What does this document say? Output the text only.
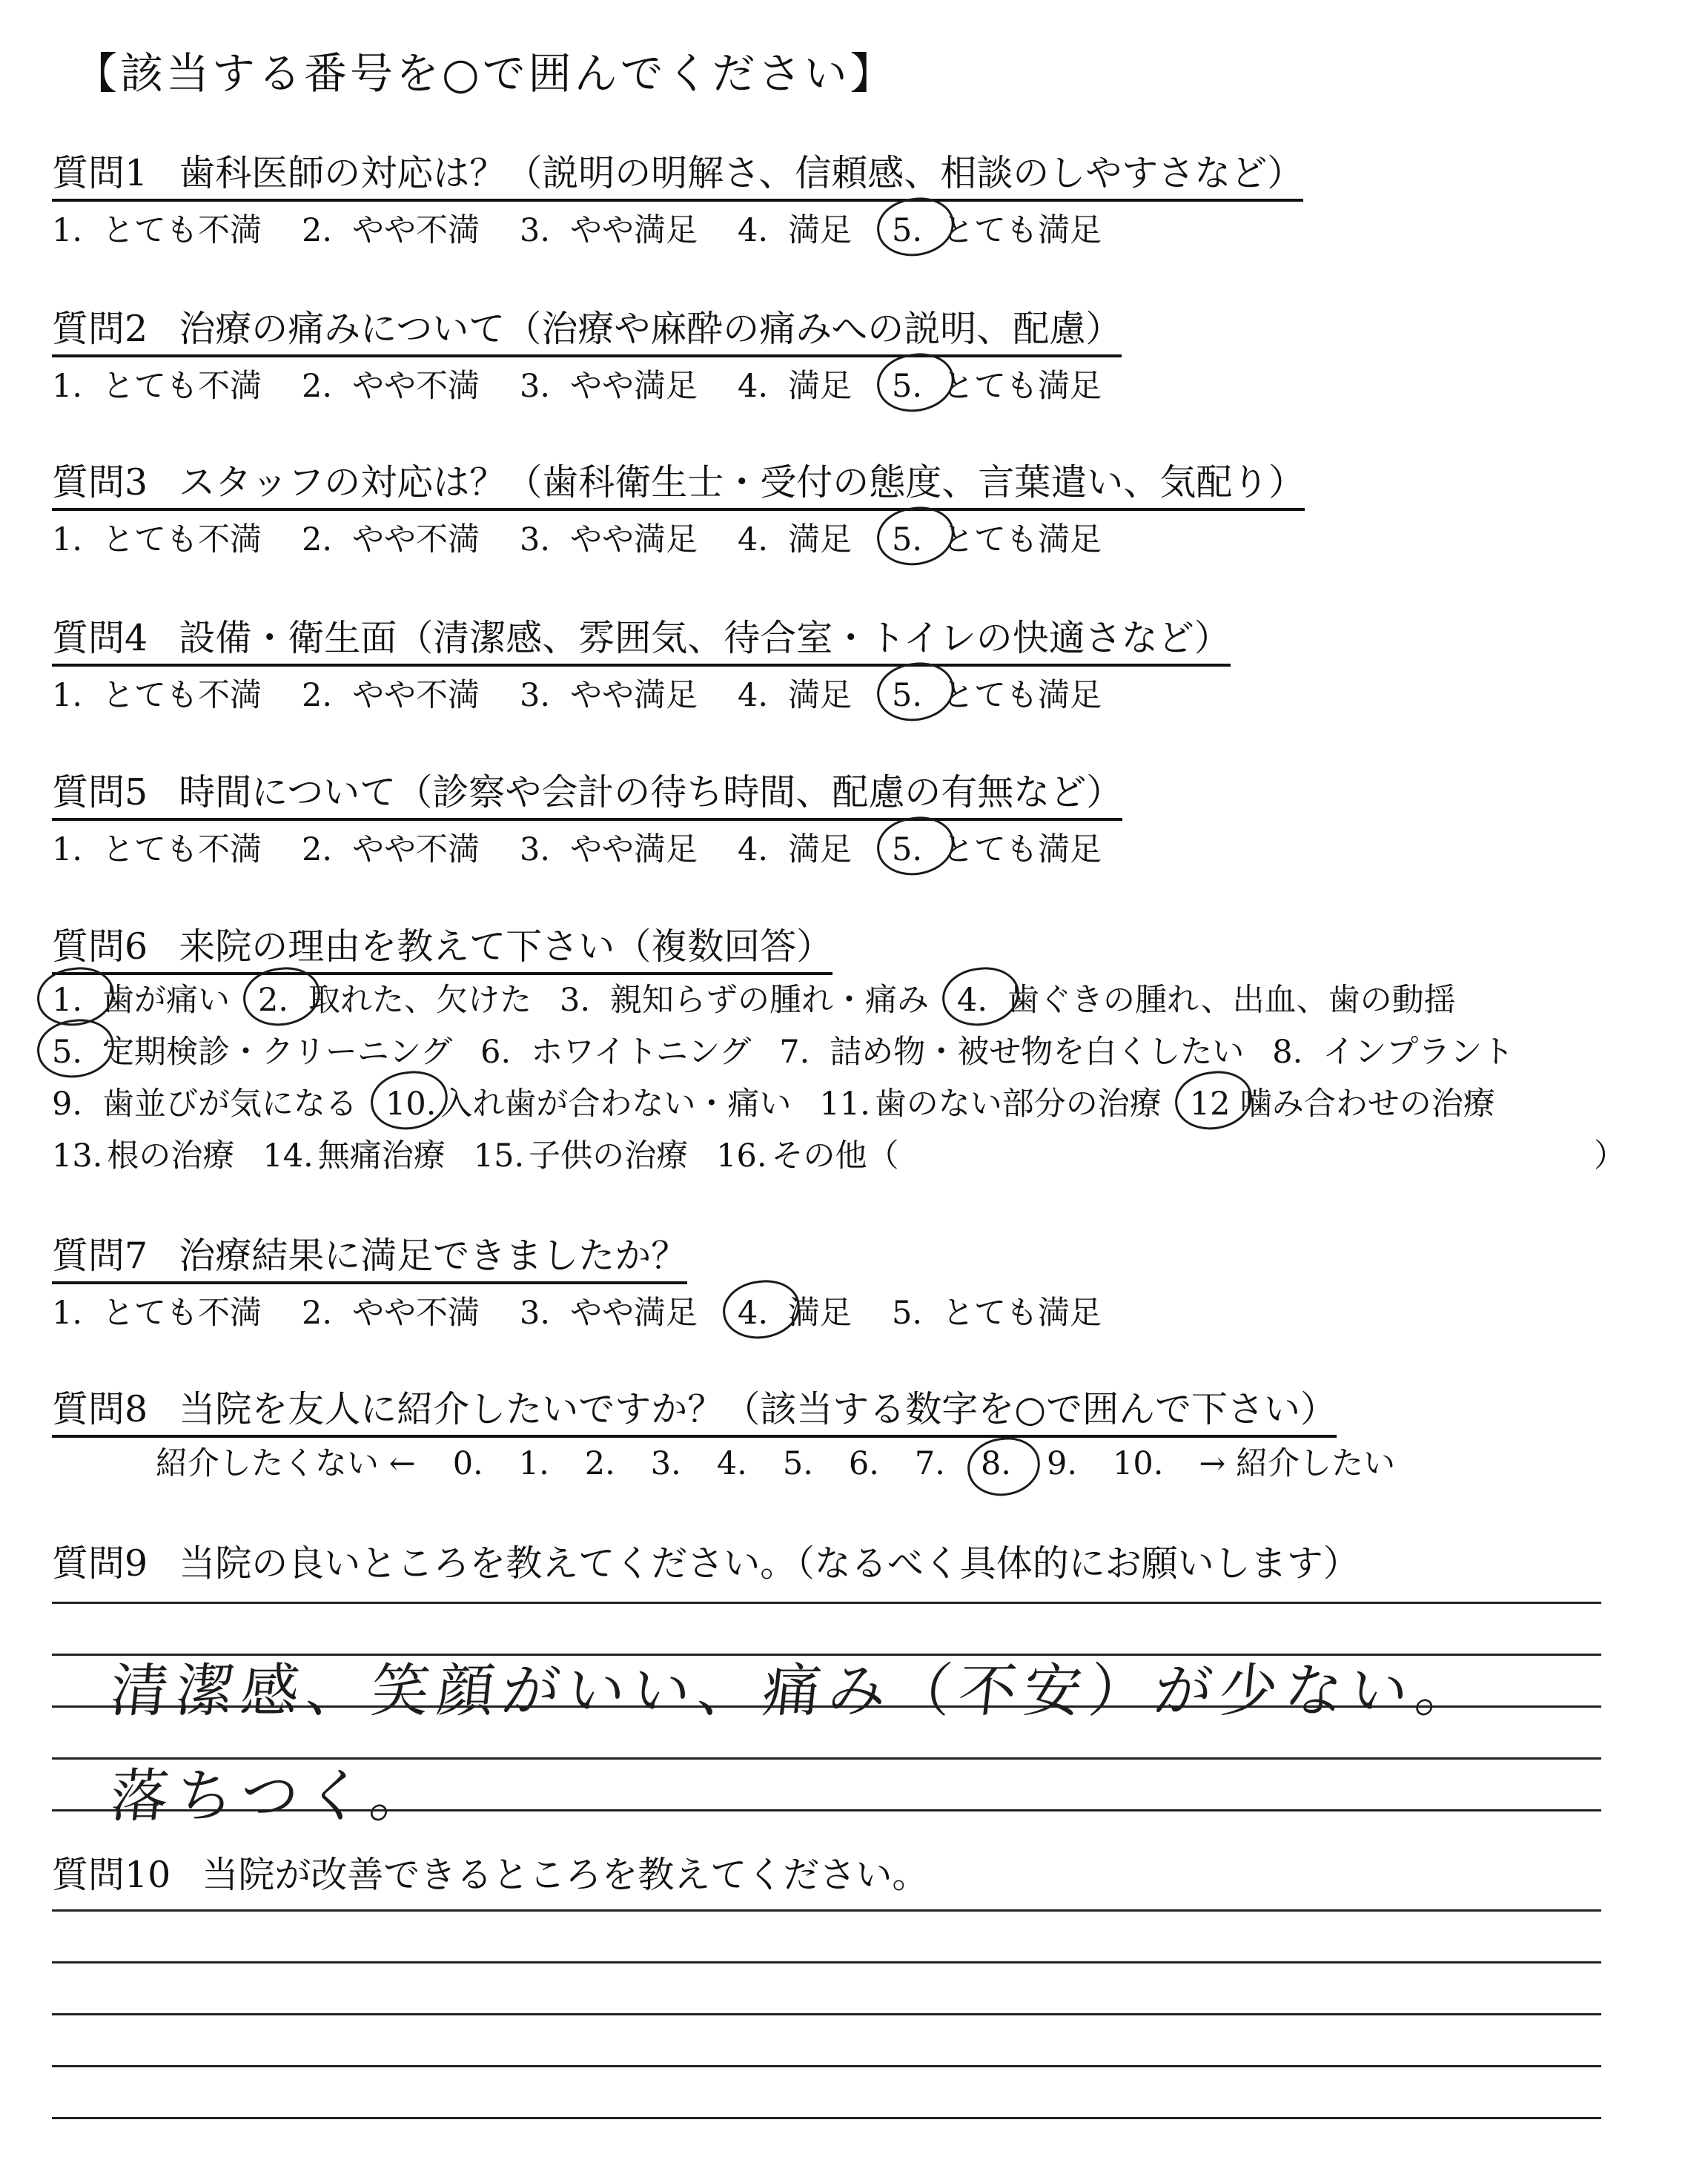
【該当する番号を○で囲んでください】
質問1 歯科医師の対応は？（説明の明解さ、信頼感、相談のしやすさなど）
1. とても不満 2. やや不満 3. やや満足 4. 満足 5. とても満足
質問2 治療の痛みについて（治療や麻酔の痛みへの説明、配慮）
1. とても不満 2. やや不満 3. やや満足 4. 満足 5. とても満足
質問3 スタッフの対応は？（歯科衛生士・受付の態度、言葉遣い、気配り）
1. とても不満 2. やや不満 3. やや満足 4. 満足 5. とても満足
質問4 設備・衛生面（清潔感、雰囲気、待合室・トイレの快適さなど）
1. とても不満 2. やや不満 3. やや満足 4. 満足 5. とても満足
質問5 時間について（診察や会計の待ち時間、配慮の有無など）
1. とても不満 2. やや不満 3. やや満足 4. 満足 5. とても満足
質問6 来院の理由を教えて下さい（複数回答）
1. 歯が痛い 2. 取れた、欠けた 3. 親知らずの腫れ・痛み 4. 歯ぐきの腫れ、出血、歯の動揺
5. 定期検診・クリーニング 6. ホワイトニング 7. 詰め物・被せ物を白くしたい 8. インプラント
9. 歯並びが気になる 10. 入れ歯が合わない・痛い 11. 歯のない部分の治療 12 噛み合わせの治療
13. 根の治療 14. 無痛治療 15. 子供の治療 16. その他（	）
質問7 治療結果に満足できましたか？
1. とても不満 2. やや不満 3. やや満足 4. 満足 5. とても満足
質問8 当院を友人に紹介したいですか？（該当する数字を○で囲んで下さい）
紹介したくない ← 0. 1. 2. 3. 4. 5. 6. 7. 8. 9. 10. → 紹介したい
質問9 当院の良いところを教えてください。（なるべく具体的にお願いします）
清潔感、笑顔がいい、痛み（不安）が少ない。
落ちつく。
質問10 当院が改善できるところを教えてください。
